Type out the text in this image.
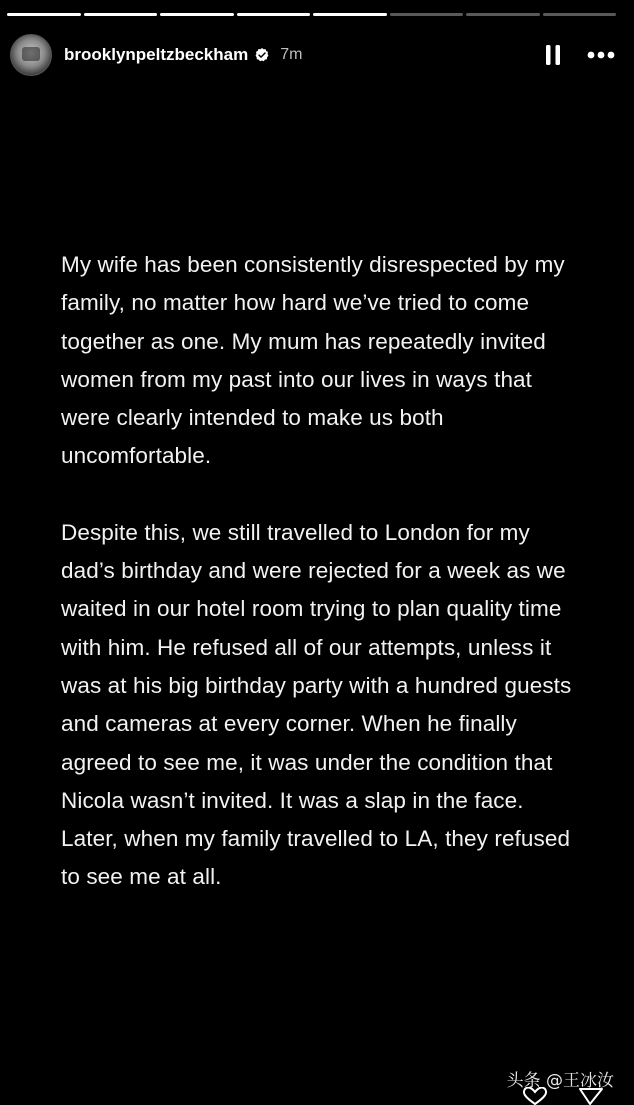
brooklynpeltzbeckham 7m

My wife has been consistently disrespected by my family, no matter how hard we’ve tried to come together as one. My mum has repeatedly invited women from my past into our lives in ways that were clearly intended to make us both uncomfortable.

Despite this, we still travelled to London for my dad’s birthday and were rejected for a week as we waited in our hotel room trying to plan quality time with him. He refused all of our attempts, unless it was at his big birthday party with a hundred guests and cameras at every corner. When he finally agreed to see me, it was under the condition that Nicola wasn’t invited. It was a slap in the face. Later, when my family travelled to LA, they refused to see me at all.

头条 @王冰汝
